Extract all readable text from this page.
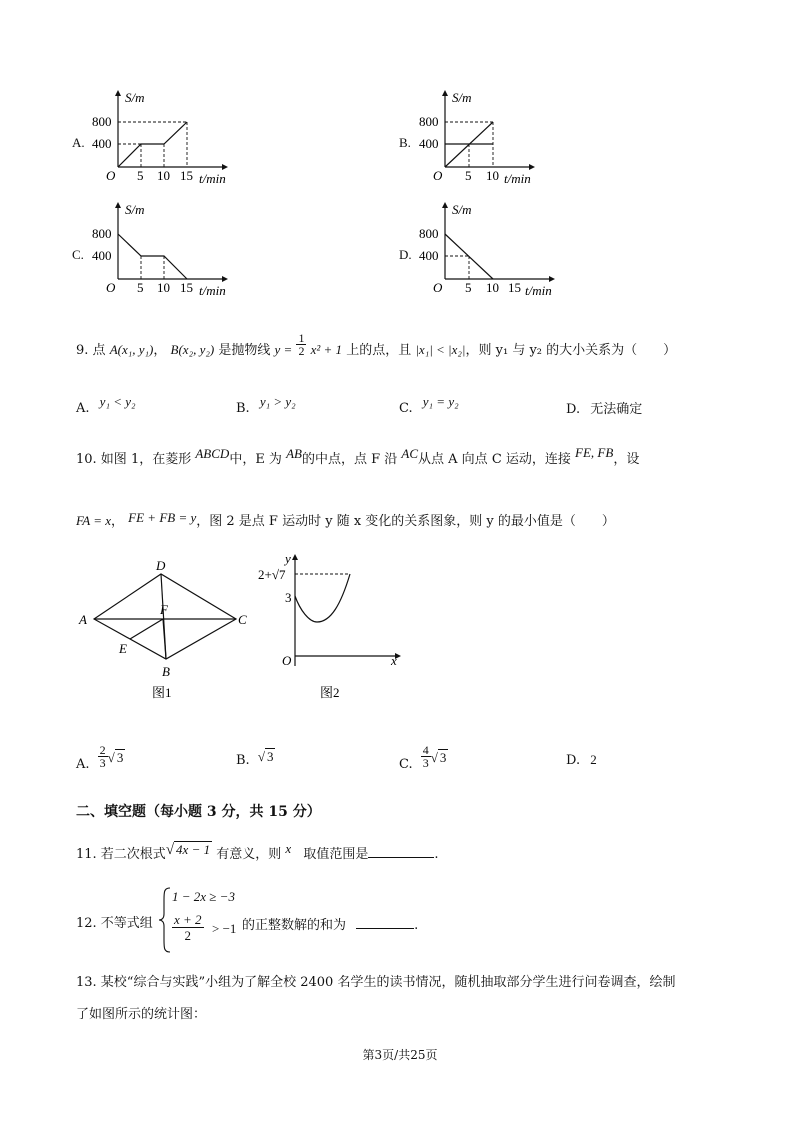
A.
S/m
800
400
O 5 10 15 t/min
B.
S/m
800
400
O 5 10 t/min
C.
S/m
800
400
O 5 10 15 t/min
D.
S/m
800
400
O 5 10 15 t/min
9. 点 A(x₁, y₁)， B(x₂, y₂) 是抛物线 $y = \frac{1}{2} x^2 + 1$ 上的点，且 |x₁| < |x₂|，则 y₁ 与 y₂ 的大小关系为（　　）
A. y₁ < y₂	B. y₁ > y₂	C. y₁ = y₂
D. 无法确定
10. 如图 1，在菱形 ABCD中，E 为 AB的中点，点 F 沿 AC从点 A 向点 C 运动，连接 FE, FB，设
FA = x， FE + FB = y，图 2 是点 F 运动时 y 随 x 变化的关系图象，则 y 的最小值是（　　）
D
A
F
C
E
B
图1
y
2+√7
3
O	x
图2
A. $\frac{2}{3}$ √ 3	B. √ 3
C. $\frac{4}{3}$ √ 3	D. 2
二、填空题（每小题 3 分，共 15 分）
11. 若二次根式√ 4x − 1 有意义，则 x 取值范围是	.
12. 不等式组
1 − 2x ≥ −3
$\frac{x + 2}{2} > -1$ 的正整数解的和为	.
13. 某校“综合与实践”小组为了解全校 2400 名学生的读书情况，随机抽取部分学生进行问卷调查，绘制
了如图所示的统计图：
第3页/共25页
